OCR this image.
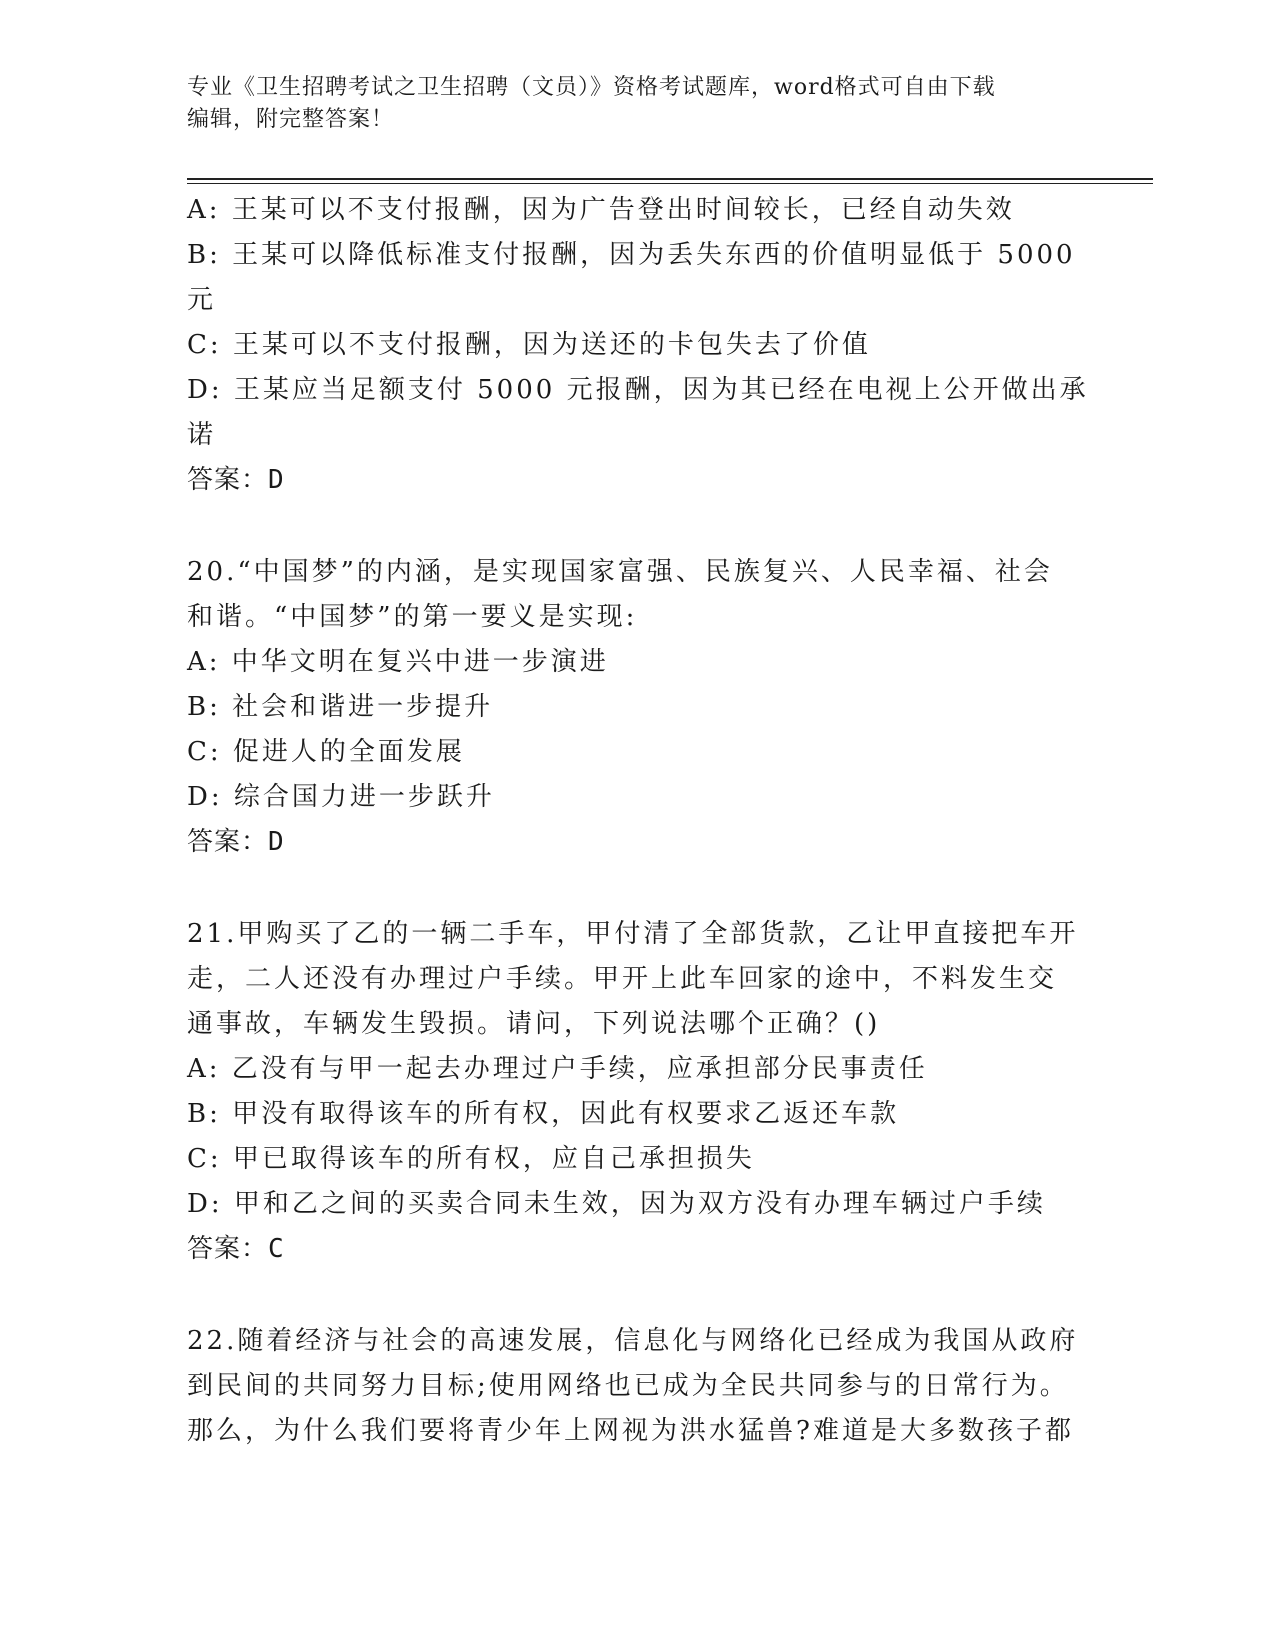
专业《卫生招聘考试之卫生招聘（文员）》资格考试题库，word格式可自由下载
编辑，附完整答案！
A: 王某可以不支付报酬，因为广告登出时间较长，已经自动失效
B: 王某可以降低标准支付报酬，因为丢失东西的价值明显低于 5000
元
C: 王某可以不支付报酬，因为送还的卡包失去了价值
D: 王某应当足额支付 5000 元报酬，因为其已经在电视上公开做出承
诺
答案：D
20.“中国梦”的内涵，是实现国家富强、民族复兴、人民幸福、社会
和谐。“中国梦”的第一要义是实现:
A: 中华文明在复兴中进一步演进
B: 社会和谐进一步提升
C: 促进人的全面发展
D: 综合国力进一步跃升
答案：D
21.甲购买了乙的一辆二手车，甲付清了全部货款，乙让甲直接把车开
走，二人还没有办理过户手续。甲开上此车回家的途中，不料发生交
通事故，车辆发生毁损。请问，下列说法哪个正确？()
A: 乙没有与甲一起去办理过户手续，应承担部分民事责任
B: 甲没有取得该车的所有权，因此有权要求乙返还车款
C: 甲已取得该车的所有权，应自己承担损失
D: 甲和乙之间的买卖合同未生效，因为双方没有办理车辆过户手续
答案：C
22.随着经济与社会的高速发展，信息化与网络化已经成为我国从政府
到民间的共同努力目标;使用网络也已成为全民共同参与的日常行为。
那么，为什么我们要将青少年上网视为洪水猛兽?难道是大多数孩子都
